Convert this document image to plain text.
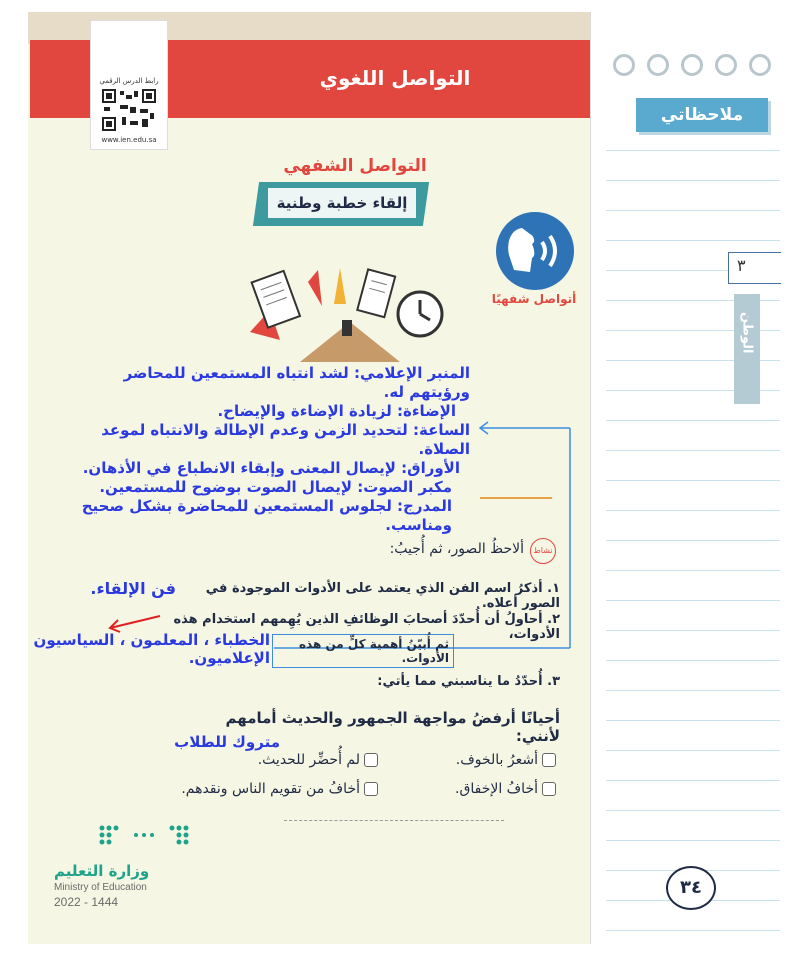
ملاحظاتي
٣
الوطن
٣٤
التواصل اللغوي
رابط الدرس الرقمي
www.ien.edu.sa
التواصل الشفهي
إلقاء خطبة وطنية
أتواصل شفهيًا
المنبر الإعلامي: لشد انتباه المستمعين للمحاضر ورؤيتهم له.
الإضاءة: لزيادة الإضاءة والإيضاح.
الساعة: لتحديد الزمن وعدم الإطالة والانتباه لموعد الصلاة.
الأوراق: لإيصال المعنى وإبقاء الانطباع في الأذهان.
مكبر الصوت: لإيصال الصوت بوضوح للمستمعين.
المدرج: لجلوس المستمعين للمحاضرة بشكل صحيح
ومناسب.
نشاط
ألاحظُ الصور، ثم أُجيبُ:
١. أذكرُ اسم الفن الذي يعتمد على الأدوات الموجودة في الصور أعلاه.
فن الإلقاء.
٢. أحاولُ أن أُحدّدَ أصحابَ الوظائفِ الذين يُهِمهم استخدام هذه الأدوات،
ثم أُبيّنُ أهمية كلٍّ من هذه الأدوات.
الخطباء ، المعلمون ، السياسيون الإعلاميون.
٣. أُحدّدُ ما يناسبني مما يأتي:
أحيانًا أرفضُ مواجهة الجمهور والحديث أمامهم لأنني:
متروك للطلاب
أشعرُ بالخوف.
لم أُحضِّر للحديث.
أخافُ الإخفاق.
أخافُ من تقويم الناس ونقدهم.
وزارة التعليم
Ministry of Education
2022 - 1444
